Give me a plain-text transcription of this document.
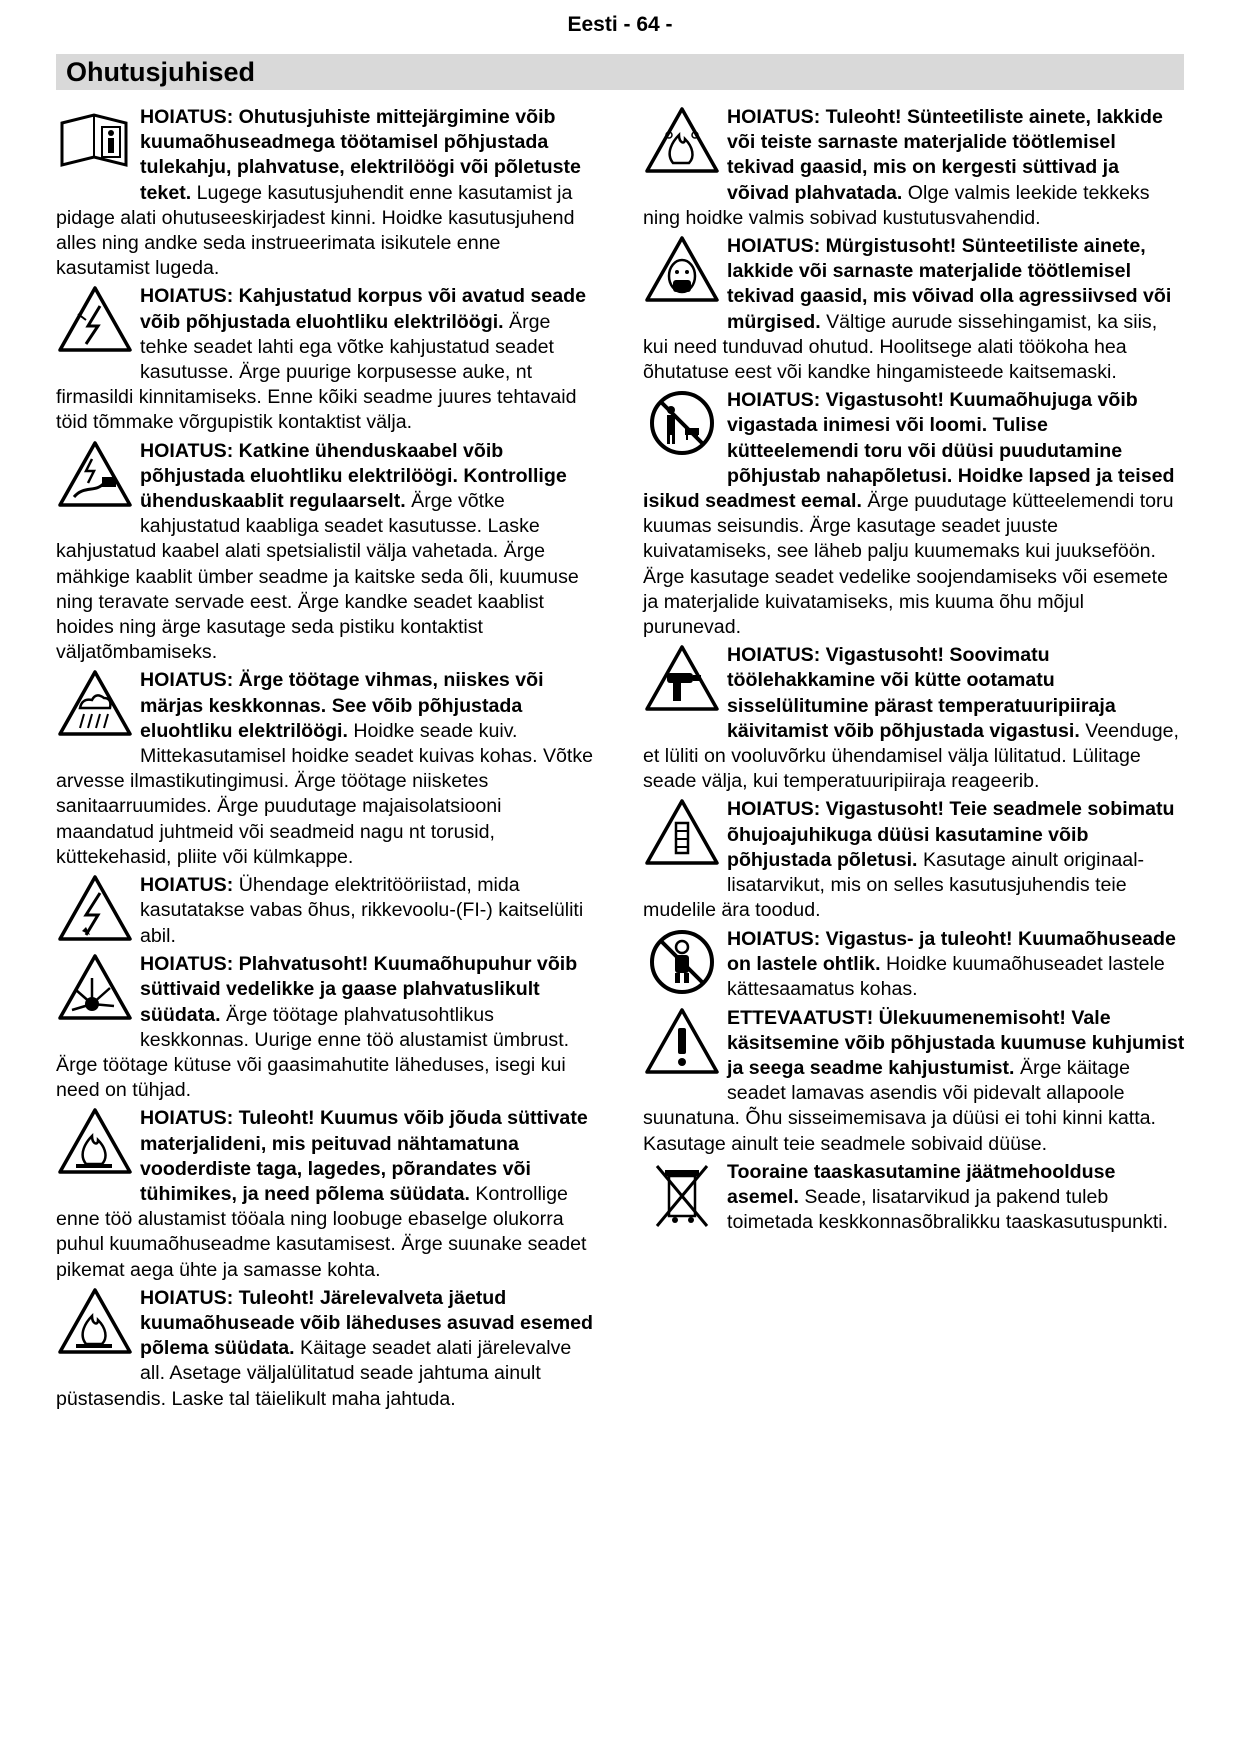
Eesti - 64 -
Ohutusjuhised
HOIATUS: Ohutusjuhiste mittejärgimine võib kuumaõhuseadmega töötamisel põhjustada tulekahju, plahvatuse, elektrilöögi või põletuste teket. Lugege kasutusjuhendit enne kasutamist ja pidage alati ohutuseeskirjadest kinni. Hoidke kasutusjuhend alles ning andke seda instrueerimata isikutele enne kasutamist lugeda.
HOIATUS: Kahjustatud korpus või avatud seade võib põhjustada eluohtliku elektrilöögi. Ärge tehke seadet lahti ega võtke kahjustatud seadet kasutusse. Ärge puurige korpusesse auke, nt firmasildi kinnitamiseks. Enne kõiki seadme juures tehtavaid töid tõmmake võrgupistik kontaktist välja.
HOIATUS: Katkine ühenduskaabel võib põhjustada eluohtliku elektrilöögi. Kontrollige ühenduskaablit regulaarselt. Ärge võtke kahjustatud kaabliga seadet kasutusse. Laske kahjustatud kaabel alati spetsialistil välja vahetada. Ärge mähkige kaablit ümber seadme ja kaitske seda õli, kuumuse ning teravate servade eest. Ärge kandke seadet kaablist hoides ning ärge kasutage seda pistiku kontaktist väljatõmbamiseks.
HOIATUS: Ärge töötage vihmas, niiskes või märjas keskkonnas. See võib põhjustada eluohtliku elektrilöögi. Hoidke seade kuiv. Mittekasutamisel hoidke seadet kuivas kohas. Võtke arvesse ilmastikutingimusi. Ärge töötage niisketes sanitaarruumides. Ärge puudutage majaisolatsiooni maandatud juhtmeid või seadmeid nagu nt torusid, küttekehasid, pliite või külmkappe.
HOIATUS: Ühendage elektritööriistad, mida kasutatakse vabas õhus, rikkevoolu-(FI-) kaitselüliti abil.
HOIATUS: Plahvatusoht! Kuumaõhupuhur võib süttivaid vedelikke ja gaase plahvatuslikult süüdata. Ärge töötage plahvatusohtlikus keskkonnas. Uurige enne töö alustamist ümbrust. Ärge töötage kütuse või gaasimahutite läheduses, isegi kui need on tühjad.
HOIATUS: Tuleoht! Kuumus võib jõuda süttivate materjalideni, mis peituvad nähtamatuna vooderdiste taga, lagedes, põrandates või tühimikes, ja need põlema süüdata. Kontrollige enne töö alustamist tööala ning loobuge ebaselge olukorra puhul kuumaõhuseadme kasutamisest. Ärge suunake seadet pikemat aega ühte ja samasse kohta.
HOIATUS: Tuleoht! Järelevalveta jäetud kuumaõhuseade võib läheduses asuvad esemed põlema süüdata. Käitage seadet alati järelevalve all. Asetage väljalülitatud seade jahtuma ainult püstasendis. Laske tal täielikult maha jahtuda.
HOIATUS: Tuleoht! Sünteetiliste ainete, lakkide või teiste sarnaste materjalide töötlemisel tekivad gaasid, mis on kergesti süttivad ja võivad plahvatada. Olge valmis leekide tekkeks ning hoidke valmis sobivad kustutusvahendid.
HOIATUS: Mürgistusoht! Sünteetiliste ainete, lakkide või sarnaste materjalide töötlemisel tekivad gaasid, mis võivad olla agressiivsed või mürgised. Vältige aurude sissehingamist, ka siis, kui need tunduvad ohutud. Hoolitsege alati töökoha hea õhutatuse eest või kandke hingamisteede kaitsemaski.
HOIATUS: Vigastusoht! Kuumaõhujuga võib vigastada inimesi või loomi. Tulise kütteelemendi toru või düüsi puudutamine põhjustab nahapõletusi. Hoidke lapsed ja teised isikud seadmest eemal. Ärge puudutage kütteelemendi toru kuumas seisundis. Ärge kasutage seadet juuste kuivatamiseks, see läheb palju kuumemaks kui juukseföön. Ärge kasutage seadet vedelike soojendamiseks või esemete ja materjalide kuivatamiseks, mis kuuma õhu mõjul purunevad.
HOIATUS: Vigastusoht! Soovimatu töölehakkamine või kütte ootamatu sisselülitumine pärast temperatuuripiiraja käivitamist võib põhjustada vigastusi. Veenduge, et lüliti on vooluvõrku ühendamisel välja lülitatud. Lülitage seade välja, kui temperatuuripiiraja reageerib.
HOIATUS: Vigastusoht! Teie seadmele sobimatu õhujoajuhikuga düüsi kasutamine võib põhjustada põletusi. Kasutage ainult originaal-lisatarvikut, mis on selles kasutusjuhendis teie mudelile ära toodud.
HOIATUS: Vigastus- ja tuleoht! Kuumaõhuseade on lastele ohtlik. Hoidke kuumaõhuseadet lastele kättesaamatus kohas.
ETTEVAATUST! Ülekuumenemisoht! Vale käsitsemine võib põhjustada kuumuse kuhjumist ja seega seadme kahjustumist. Ärge käitage seadet lamavas asendis või pidevalt allapoole suunatuna. Õhu sisseimemisava ja düüsi ei tohi kinni katta. Kasutage ainult teie seadmele sobivaid düüse.
Tooraine taaskasutamine jäätmehoolduse asemel. Seade, lisatarvikud ja pakend tuleb toimetada keskkonnasõbralikku taaskasutuspunkti.
